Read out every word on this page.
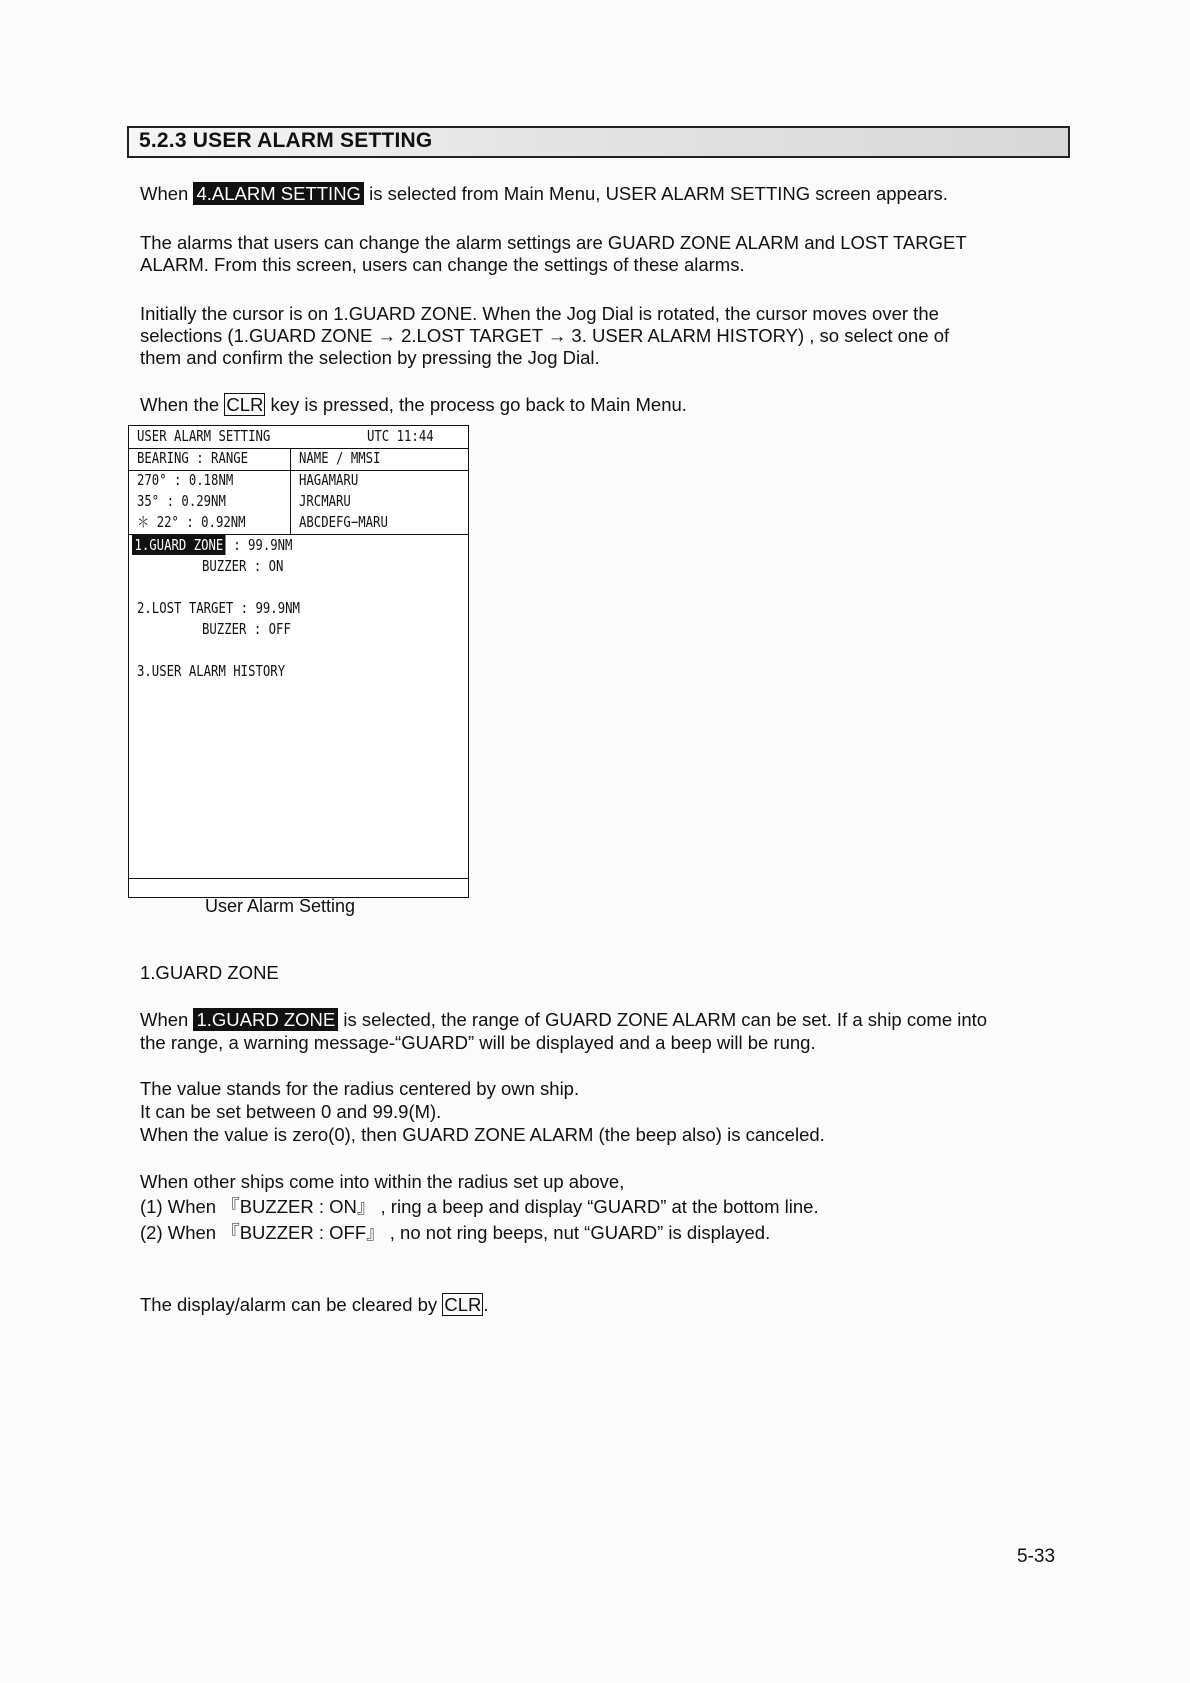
5.2.3 USER ALARM SETTING
When 4.ALARM SETTING is selected from Main Menu, USER ALARM SETTING screen appears.
The alarms that users can change the alarm settings are GUARD ZONE ALARM and LOST TARGET
ALARM. From this screen, users can change the settings of these alarms.
Initially the cursor is on 1.GUARD ZONE. When the Jog Dial is rotated, the cursor moves over the
selections (1.GUARD ZONE → 2.LOST TARGET → 3. USER ALARM HISTORY) , so select one of
them and confirm the selection by pressing the Jog Dial.
When the CLR key is pressed, the process go back to Main Menu.
USER ALARM SETTING	UTC 11:44
BEARING : RANGE	NAME / MMSI
270° : 0.18NM	HAGAMARU
35° : 0.29NM	JRCMARU
＊ 22° : 0.92NM	ABCDEFG−MARU
1.GUARD ZONE : 99.9NM
BUZZER : ON
2.LOST TARGET : 99.9NM
BUZZER : OFF
3.USER ALARM HISTORY
User Alarm Setting
1.GUARD ZONE
When 1.GUARD ZONE is selected, the range of GUARD ZONE ALARM can be set. If a ship come into
the range, a warning message-“GUARD” will be displayed and a beep will be rung.
The value stands for the radius centered by own ship.
It can be set between 0 and 99.9(M).
When the value is zero(0), then GUARD ZONE ALARM (the beep also) is canceled.
When other ships come into within the radius set up above,
(1) When 『BUZZER : ON』 , ring a beep and display “GUARD” at the bottom line.
(2) When 『BUZZER : OFF』 , no not ring beeps, nut “GUARD” is displayed.
The display/alarm can be cleared by CLR .
5-33
